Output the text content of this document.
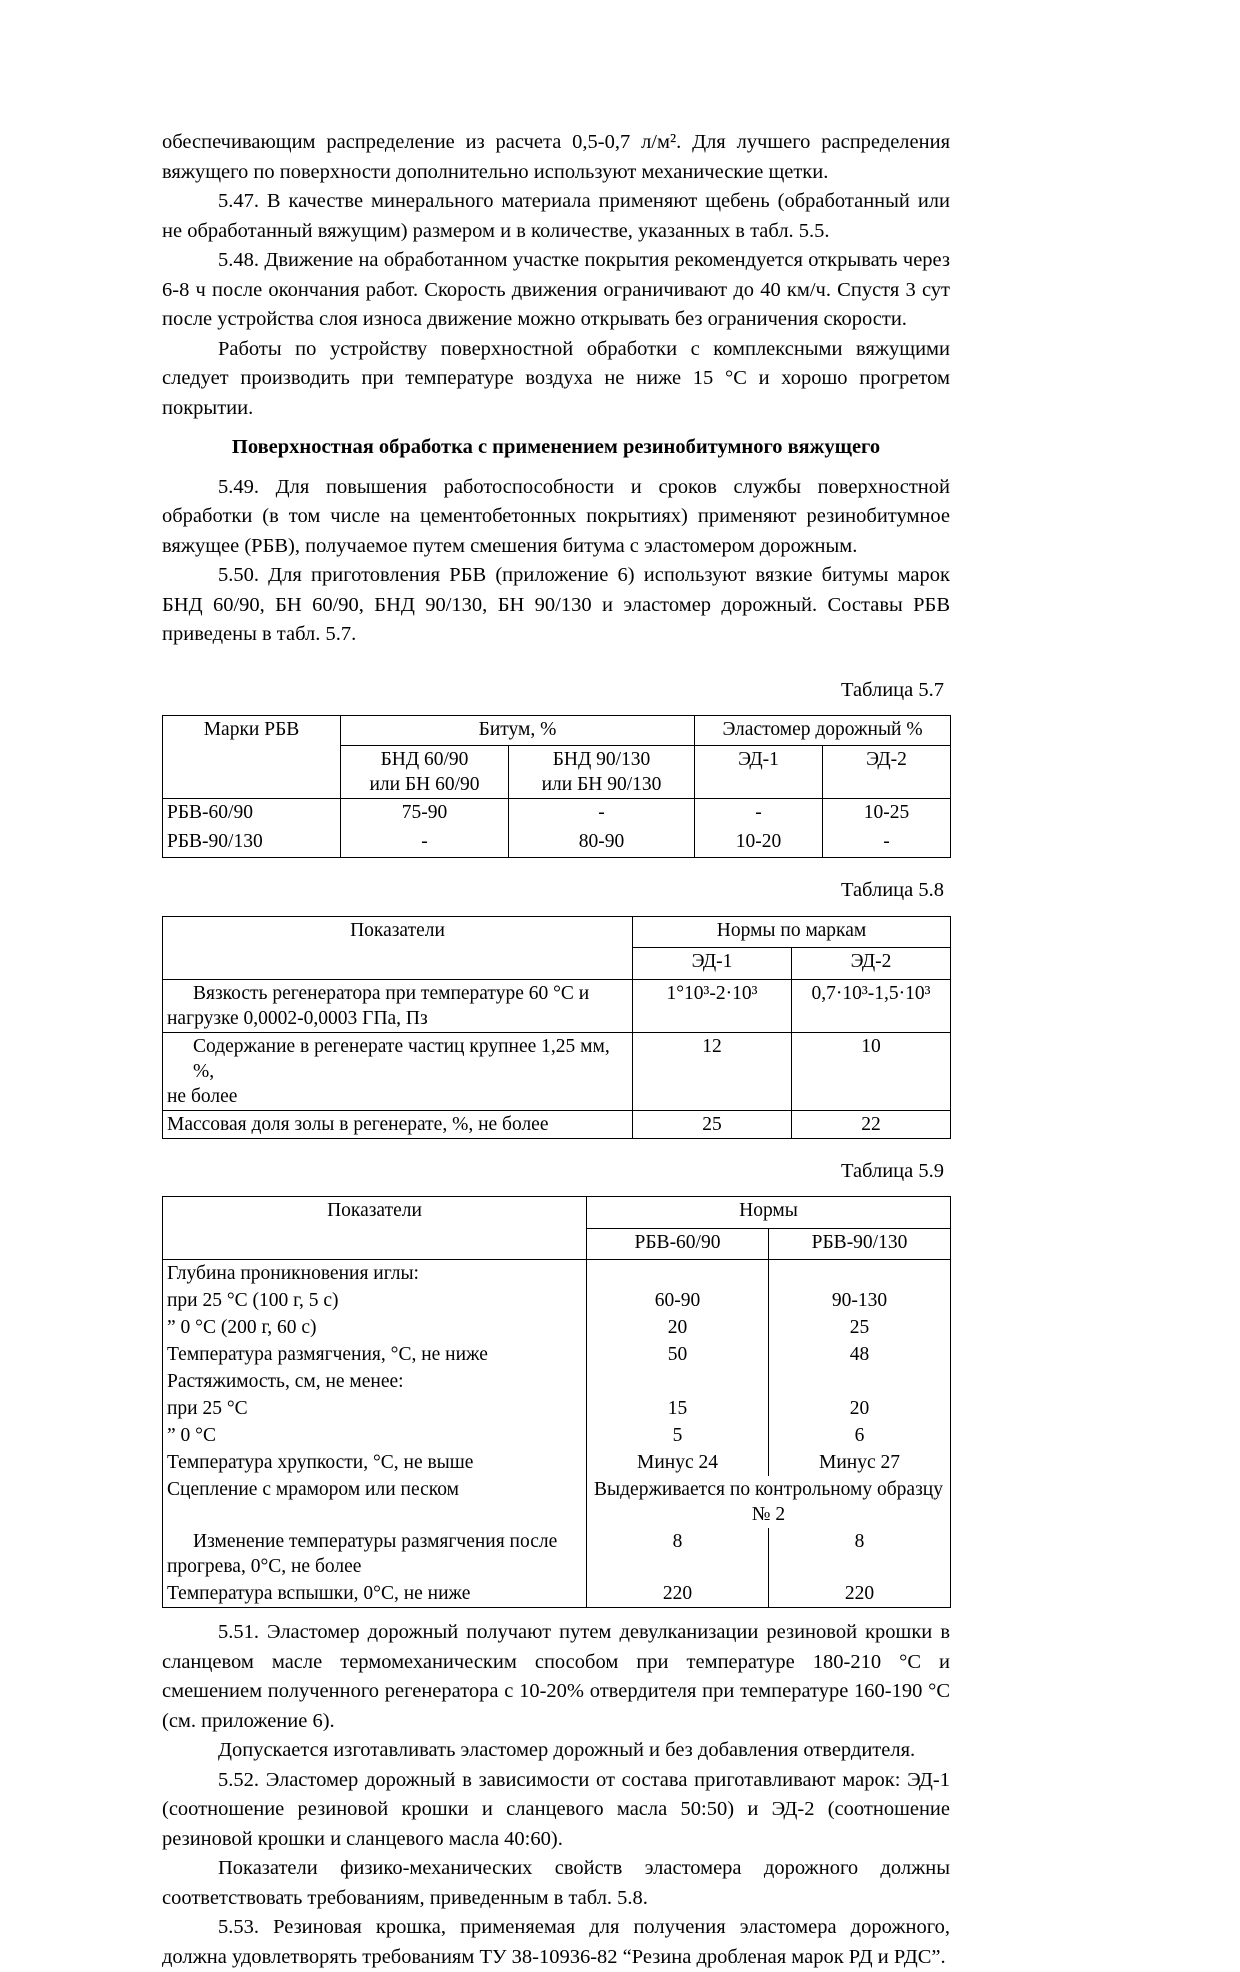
обеспечивающим распределение из расчета 0,5-0,7 л/м². Для лучшего распределения вяжущего по поверхности дополнительно используют механические щетки.

5.47. В качестве минерального материала применяют щебень (обработанный или не обработанный вяжущим) размером и в количестве, указанных в табл. 5.5.

5.48. Движение на обработанном участке покрытия рекомендуется открывать через 6-8 ч после окончания работ. Скорость движения ограничивают до 40 км/ч. Спустя 3 сут после устройства слоя износа движение можно открывать без ограничения скорости.

Работы по устройству поверхностной обработки с комплексными вяжущими следует производить при температуре воздуха не ниже 15 °С и хорошо прогретом покрытии.

Поверхностная обработка с применением резинобитумного вяжущего

5.49. Для повышения работоспособности и сроков службы поверхностной обработки (в том числе на цементобетонных покрытиях) применяют резинобитумное вяжущее (РБВ), получаемое путем смешения битума с эластомером дорожным.

5.50. Для приготовления РБВ (приложение 6) используют вязкие битумы марок БНД 60/90, БН 60/90, БНД 90/130, БН 90/130 и эластомер дорожный. Составы РБВ приведены в табл. 5.7.

Таблица 5.7

Марки РБВ	Битум, %		Эластомер дорожный %	
	БНД 60/90
или БН 60/90	БНД 90/130
или БН 90/130	ЭД-1	ЭД-2
РБВ-60/90	75-90	-	-	10-25
РБВ-90/130	-	80-90	10-20	-

Таблица 5.8

Показатели	Нормы по маркам	
	ЭД-1	ЭД-2
Вязкость регенератора при температуре 60 °С и
нагрузке 0,0002-0,0003 ГПа, Пз	1°10³-2·10³	0,7·10³-1,5·10³
Содержание в регенерате частиц крупнее 1,25 мм, %,
не более	12	10
Массовая доля золы в регенерате, %, не более	25	22

Таблица 5.9

Показатели	Нормы	
	РБВ-60/90	РБВ-90/130
Глубина проникновения иглы:		
при 25 °С (100 г, 5 с)	60-90	90-130
” 0 °С (200 г, 60 с)	20	25
Температура размягчения, °С, не ниже	50	48
Растяжимость, см, не менее:		
при 25 °С	15	20
” 0 °С	5	6
Температура хрупкости, °С, не выше	Минус 24	Минус 27
Сцепление с мрамором или песком	Выдерживается по контрольному образцу № 2	
Изменение температуры размягчения после
прогрева, 0°С, не более	8	8
Температура вспышки, 0°С, не ниже	220	220

5.51. Эластомер дорожный получают путем девулканизации резиновой крошки в сланцевом масле термомеханическим способом при температуре 180-210 °С и смешением полученного регенератора с 10-20% отвердителя при температуре 160-190 °С (см. приложение 6).

Допускается изготавливать эластомер дорожный и без добавления отвердителя.

5.52. Эластомер дорожный в зависимости от состава приготавливают марок: ЭД-1 (соотношение резиновой крошки и сланцевого масла 50:50) и ЭД-2 (соотношение резиновой крошки и сланцевого масла 40:60).

Показатели физико-механических свойств эластомера дорожного должны соответствовать требованиям, приведенным в табл. 5.8.

5.53. Резиновая крошка, применяемая для получения эластомера дорожного, должна удовлетворять требованиям ТУ 38-10936-82 “Резина дробленая марок РД и РДС”.
